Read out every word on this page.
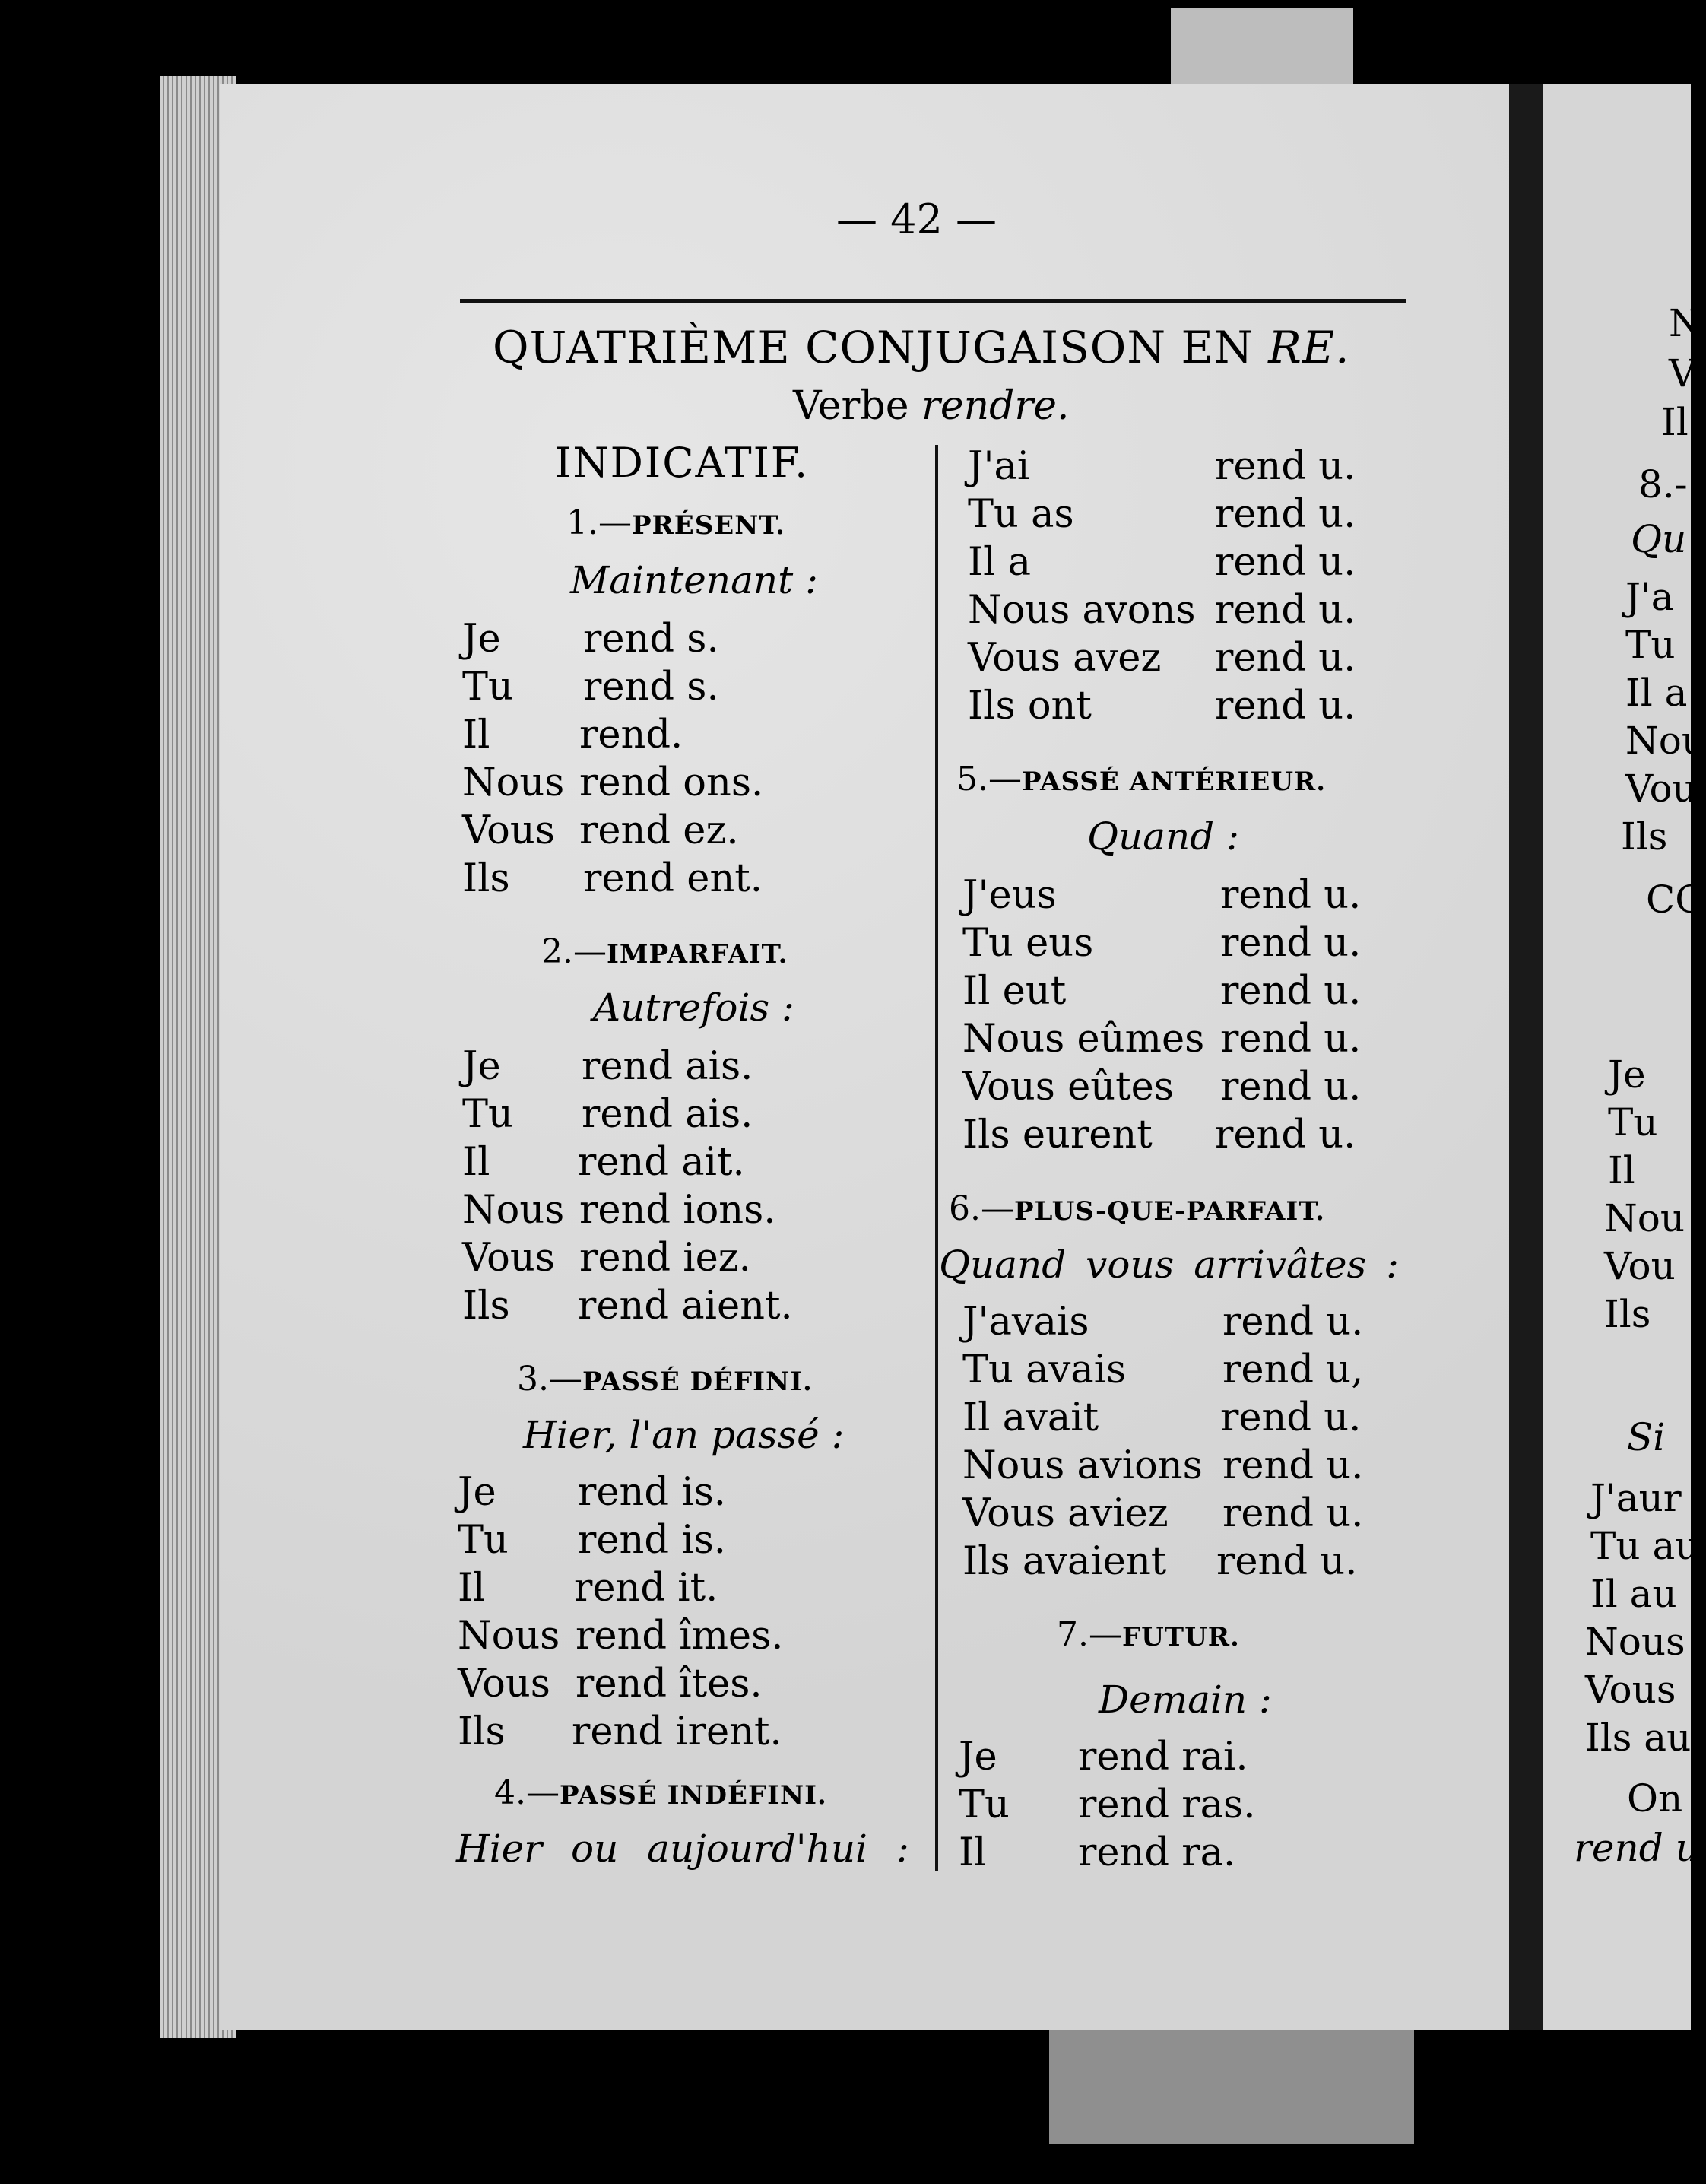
— 42 —
QUATRIÈME CONJUGAISON EN RE.
Verbe rendre.
INDICATIF.
1.—PRÉSENT.
Maintenant :
Je rend s.
Tu rend s.
Il rend.
Nous rend ons.
Vous rend ez.
Ils rend ent.
2.—IMPARFAIT.
Autrefois :
Je rend ais.
Tu rend ais.
Il rend ait.
Nous rend ions.
Vous rend iez.
Ils rend aient.
3.—PASSÉ DÉFINI.
Hier, l'an passé :
Je rend is.
Tu rend is.
Il rend it.
Nous rend îmes.
Vous rend îtes.
Ils rend irent.
4.—PASSÉ INDÉFINI.
Hier ou aujourd'hui :
J'ai	rend u.
Tu as	rend u.
Il a	rend u.
Nous avons rend u.
Vous avez rend u.
Ils ont	rend u.
5.—PASSÉ ANTÉRIEUR.
Quand :
J'eus	rend u.
Tu eus	rend u.
Il eut	rend u.
Nous eûmes rend u.
Vous eûtes rend u.
Ils eurent rend u.
6.—PLUS-QUE-PARFAIT.
Quand vous arrivâtes :
J'avais	rend u.
Tu avais rend u,
Il avait	rend u.
Nous avions rend u.
Vous aviez rend u.
Ils avaient rend u.
7.—FUTUR.
Demain :
Je rend rai.
Tu rend ras.
Il rend ra.
N
V
Il
8.-
Qu
J'a
Tu
Il a
Nou
Vou
Ils
CO
Je
Tu
Il
Nou
Vou
Ils
Si
J'aur
Tu au
Il au
Nous
Vous
Ils au
On
rend u
